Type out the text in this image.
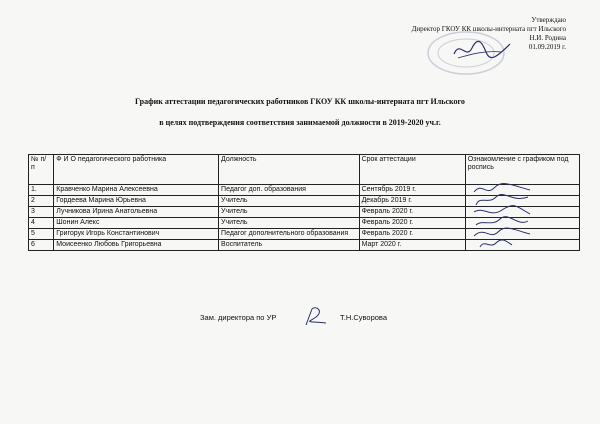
Утверждаю

Директор ГКОУ КК школы-интерната пгт Ильского
Н.И. Родина
01.09.2019 г.
График аттестации педагогических работников ГКОУ КК школы-интерната пгт Ильского
в целях подтверждения соответствия занимаемой должности в 2019-2020 уч.г.
№ п/ п	Ф И О педагогического работника	Должность	Срок аттестации	Ознакомление с графиком под роспись
1.	Кравченко Марина Алексеевна	Педагог доп. образования	Сентябрь 2019 г.	

2	Гордеева Марина Юрьевна	Учитель	Декабрь 2019 г.	

3	Лучникова Ирина Анатольевна	Учитель	Февраль 2020 г.	

4	Шонин Алекс	Учитель	Февраль 2020 г.	

5	Григорук Игорь Константинович	Педагог дополнительного образования	Февраль 2020 г.	

6	Моисеенко Любовь Григорьевна	Воспитатель	Март 2020 г.	
Зам. директора по УР	Т.Н.Суворова
